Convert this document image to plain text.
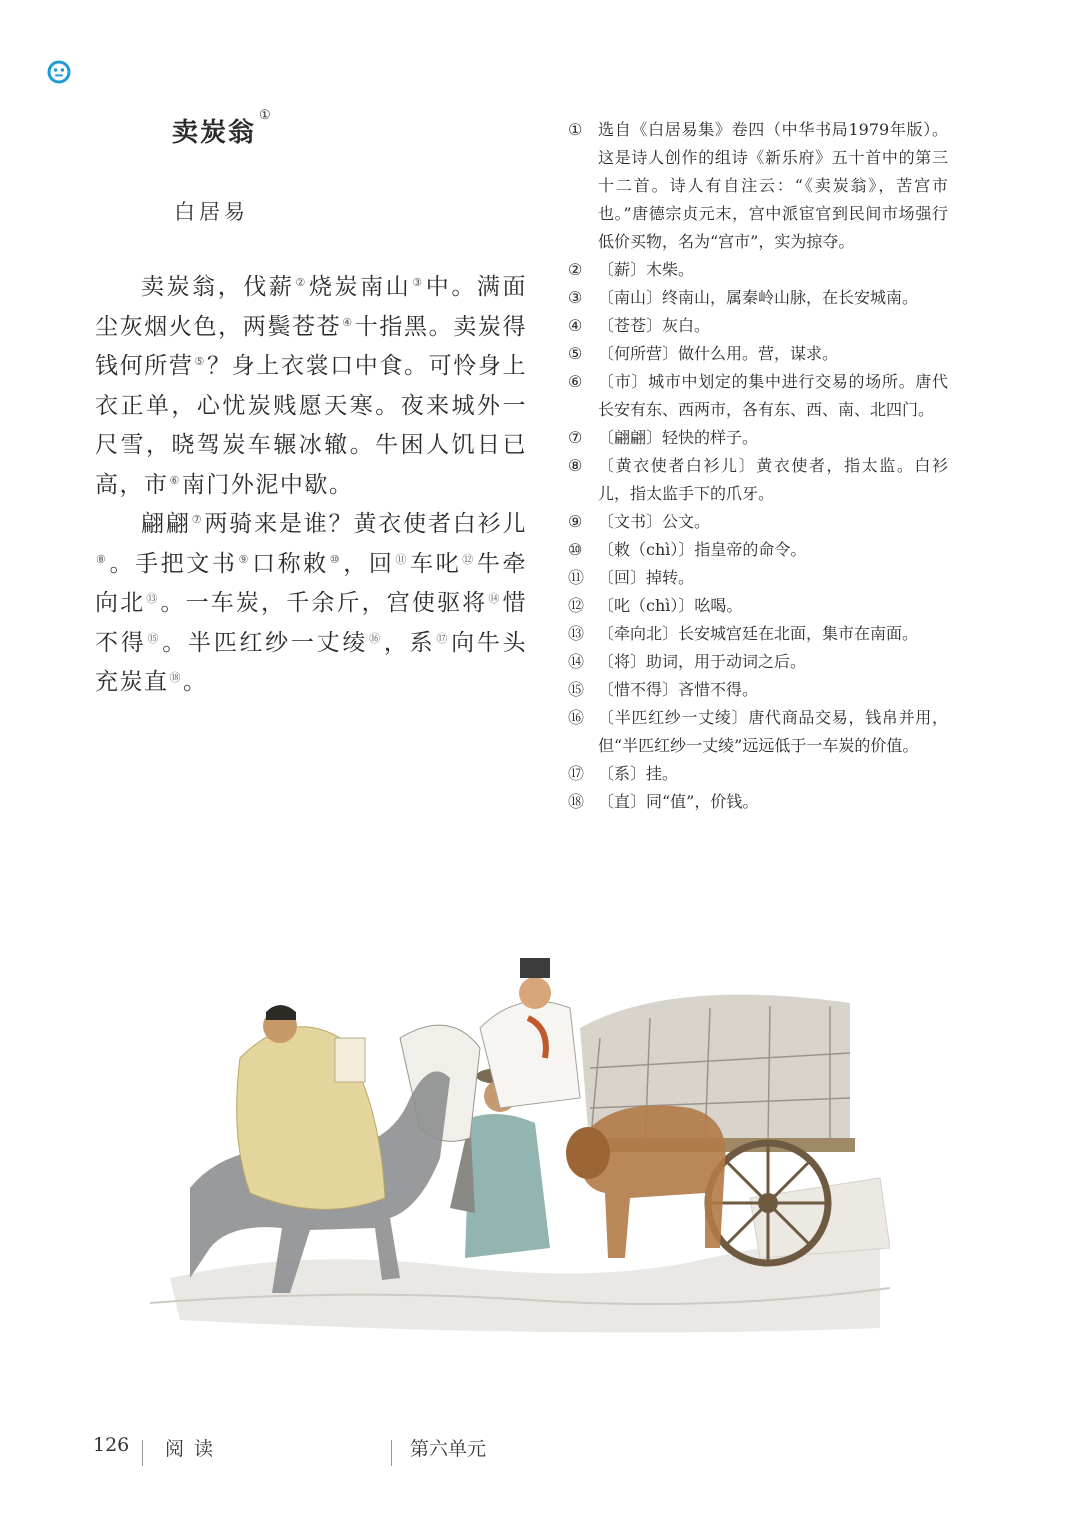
卖炭翁①
白居易

卖炭翁，伐薪②烧炭南山③中。满面尘灰烟火色，两鬓苍苍④十指黑。卖炭得钱何所营⑤？身上衣裳口中食。可怜身上衣正单，心忧炭贱愿天寒。夜来城外一尺雪，晓驾炭车辗冰辙。牛困人饥日已高，市⑥南门外泥中歇。

翩翩⑦两骑来是谁？黄衣使者白衫儿⑧。手把文书⑨口称敕⑩，回⑪车叱⑫牛牵向北⑬。一车炭，千余斤，宫使驱将⑭惜不得⑮。半匹红纱一丈绫⑯，系⑰向牛头充炭直⑱。

① 选自《白居易集》卷四（中华书局1979年版）。这是诗人创作的组诗《新乐府》五十首中的第三十二首。诗人有自注云：“《卖炭翁》，苦宫市也。”唐德宗贞元末，宫中派宦官到民间市场强行低价买物，名为“宫市”，实为掠夺。
② 〔薪〕木柴。
③ 〔南山〕终南山，属秦岭山脉，在长安城南。
④ 〔苍苍〕灰白。
⑤ 〔何所营〕做什么用。营，谋求。
⑥ 〔市〕城市中划定的集中进行交易的场所。唐代长安有东、西两市，各有东、西、南、北四门。
⑦ 〔翩翩〕轻快的样子。
⑧ 〔黄衣使者白衫儿〕黄衣使者，指太监。白衫儿，指太监手下的爪牙。
⑨ 〔文书〕公文。
⑩ 〔敕（chì）〕指皇帝的命令。
⑪ 〔回〕掉转。
⑫ 〔叱（chì）〕吆喝。
⑬ 〔牵向北〕长安城宫廷在北面，集市在南面。
⑭ 〔将〕助词，用于动词之后。
⑮ 〔惜不得〕吝惜不得。
⑯ 〔半匹红纱一丈绫〕唐代商品交易，钱帛并用，但“半匹红纱一丈绫”远远低于一车炭的价值。
⑰ 〔系〕挂。
⑱ 〔直〕同“值”，价钱。
126 阅 读	第六单元
